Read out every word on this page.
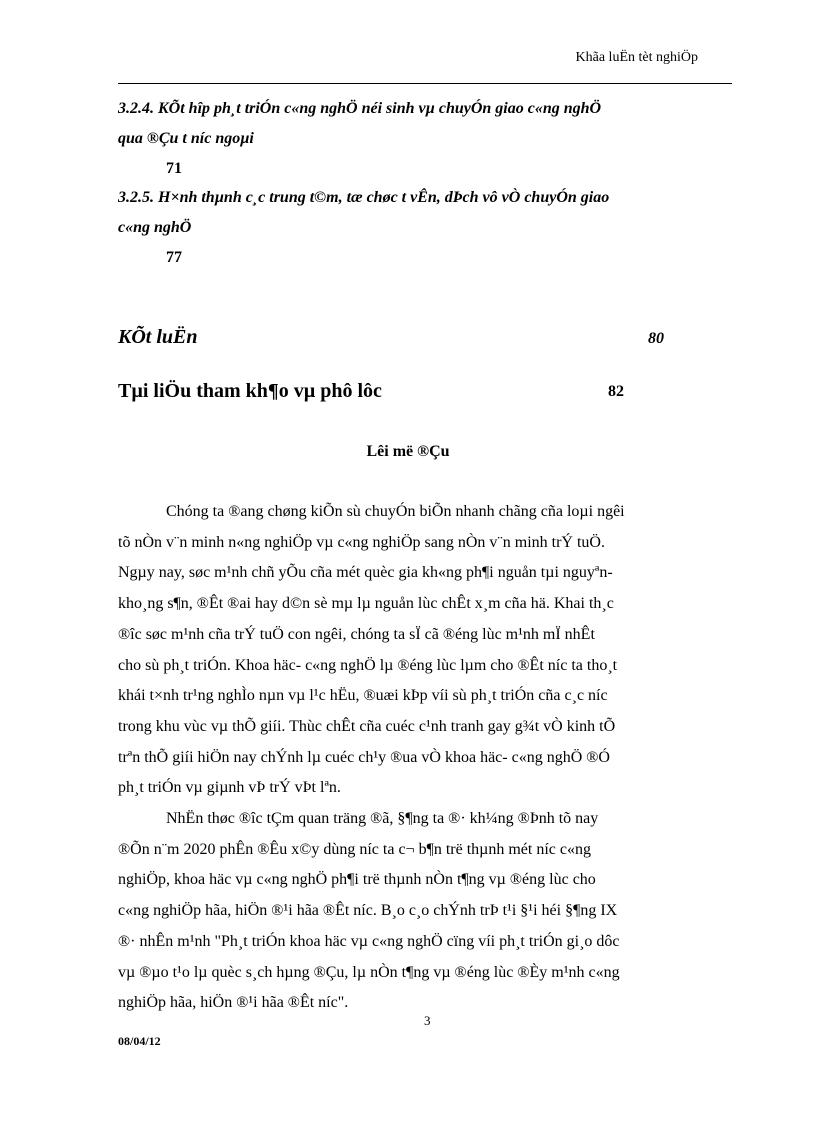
Khãa luËn tèt nghiÖp
3.2.4. KÕt hîp ph¸t triÓn c«ng nghÖ néi sinh vµ chuyÓn giao c«ng nghÖ
qua ®Çu t níc ngoµi
71
3.2.5. H×nh thµnh c¸c trung t©m, tæ chøc t vÊn, dÞch vô vÒ chuyÓn giao
c«ng nghÖ
77
KÕt luËn	80
Tµi liÖu tham kh¶o vµ phô lôc	82
Lêi më ®Çu
Chóng ta ®ang chøng kiÕn sù chuyÓn biÕn nhanh chãng cña loµi ngêi
tõ nÒn v¨n minh n«ng nghiÖp vµ c«ng nghiÖp sang nÒn v¨n minh trÝ tuÖ.
Ngµy nay, søc m¹nh chñ yÕu cña mét quèc gia kh«ng ph¶i nguån tµi nguyªn-
kho¸ng s¶n, ®Êt ®ai hay d©n sè mµ lµ nguån lùc chÊt x¸m cña hä. Khai th¸c
®îc søc m¹nh cña trÝ tuÖ con ngêi, chóng ta sÏ cã ®éng lùc m¹nh mÏ nhÊt
cho sù ph¸t triÓn. Khoa häc- c«ng nghÖ lµ ®éng lùc lµm cho ®Êt níc ta tho¸t
khái t×nh tr¹ng nghÌo nµn vµ l¹c hËu, ®uæi kÞp víi sù ph¸t triÓn cña c¸c níc
trong khu vùc vµ thÕ giíi. Thùc chÊt cña cuéc c¹nh tranh gay g¾t vÒ kinh tÕ
trªn thÕ giíi hiÖn nay chÝnh lµ cuéc ch¹y ®ua vÒ khoa häc- c«ng nghÖ ®Ó
ph¸t triÓn vµ giµnh vÞ trÝ vÞt lªn.
NhËn thøc ®îc tÇm quan träng ®ã, §¶ng ta ®· kh¼ng ®Þnh tõ nay
®Õn n¨m 2020 phÊn ®Êu x©y dùng níc ta c¬ b¶n trë thµnh mét níc c«ng
nghiÖp, khoa häc vµ c«ng nghÖ ph¶i trë thµnh nÒn t¶ng vµ ®éng lùc cho
c«ng nghiÖp hãa, hiÖn ®¹i hãa ®Êt níc. B¸o c¸o chÝnh trÞ t¹i §¹i héi §¶ng IX
®· nhÊn m¹nh "Ph¸t triÓn khoa häc vµ c«ng nghÖ cïng víi ph¸t triÓn gi¸o dôc
vµ ®µo t¹o lµ quèc s¸ch hµng ®Çu, lµ nÒn t¶ng vµ ®éng lùc ®Èy m¹nh c«ng
nghiÖp hãa, hiÖn ®¹i hãa ®Êt níc".
3
08/04/12
